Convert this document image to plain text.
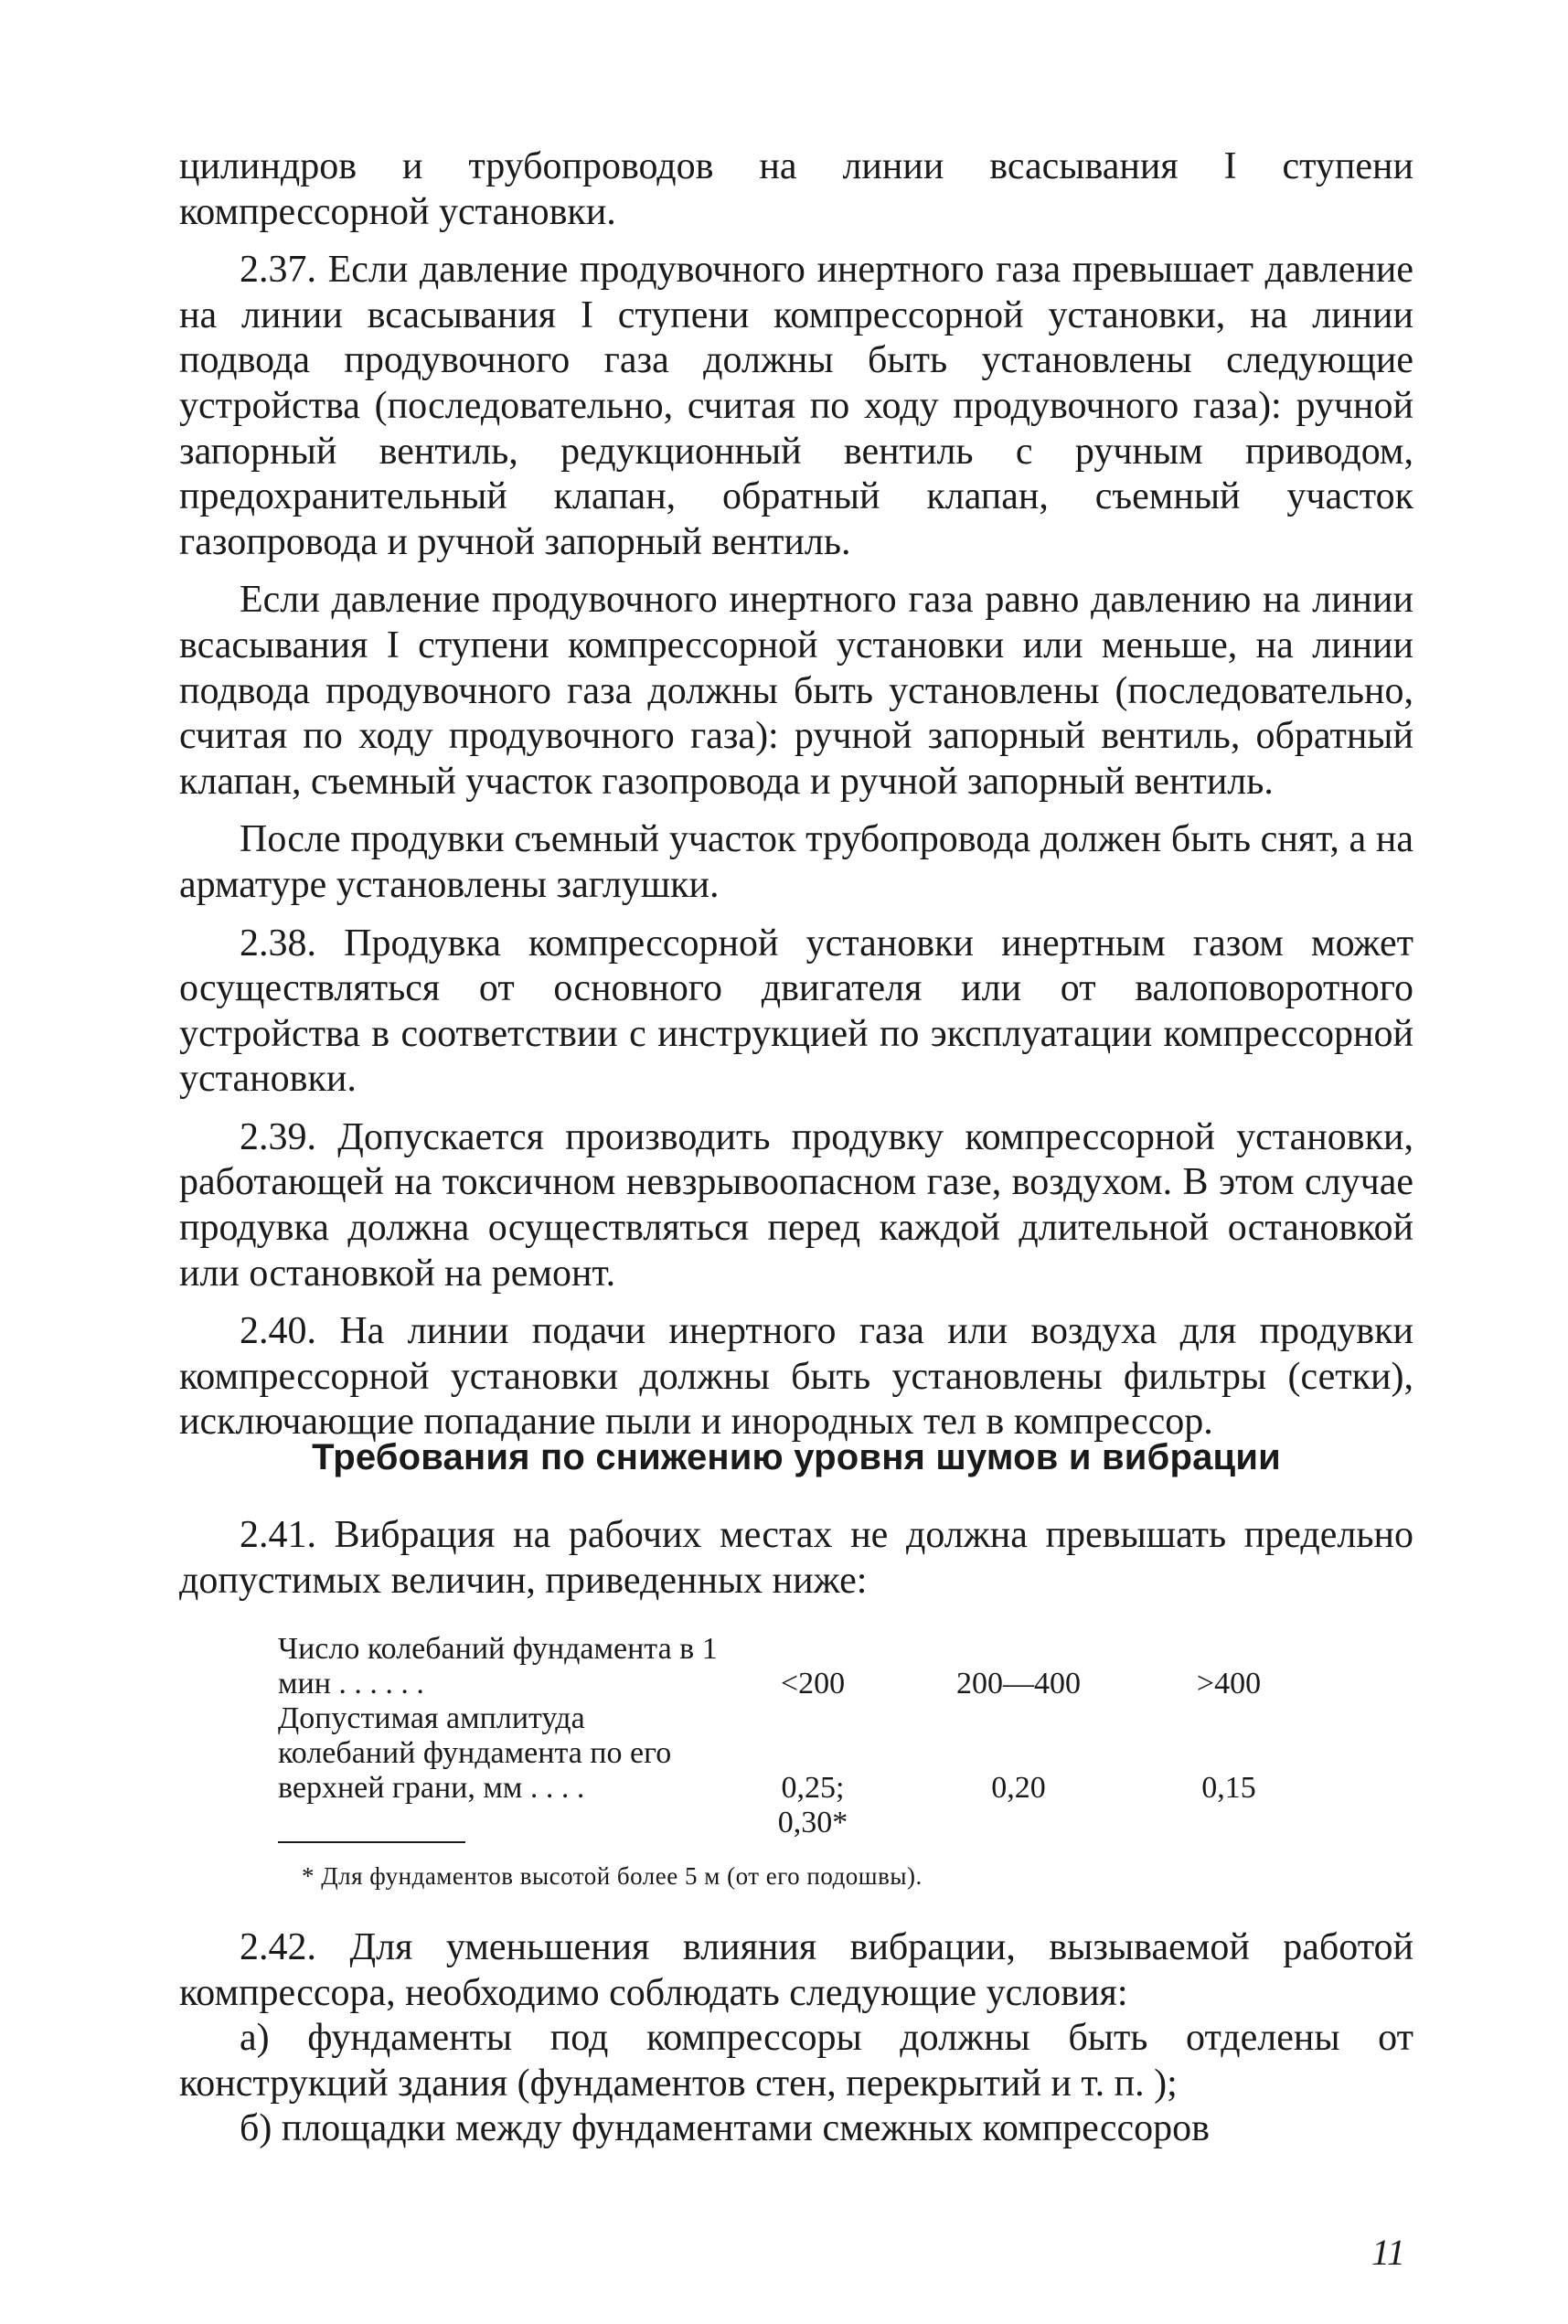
цилиндров и трубопроводов на линии всасывания I ступени компрессорной установки.

2.37. Если давление продувочного инертного газа превышает давление на линии всасывания I ступени компрессорной установки, на линии подвода продувочного газа должны быть установлены следующие устройства (последовательно, считая по ходу продувочного газа): ручной запорный вентиль, редукционный вентиль с ручным приводом, предохранительный клапан, обратный клапан, съемный участок газопровода и ручной запорный вентиль.

Если давление продувочного инертного газа равно давлению на линии всасывания I ступени компрессорной установки или меньше, на линии подвода продувочного газа должны быть установлены (последовательно, считая по ходу продувочного газа): ручной запорный вентиль, обратный клапан, съемный участок газопровода и ручной запорный вентиль.

После продувки съемный участок трубопровода должен быть снят, а на арматуре установлены заглушки.

2.38. Продувка компрессорной установки инертным газом может осуществляться от основного двигателя или от валоповоротного устройства в соответствии с инструкцией по эксплуатации компрессорной установки.

2.39. Допускается производить продувку компрессорной установки, работающей на токсичном невзрывоопасном газе, воздухом. В этом случае продувка должна осуществляться перед каждой длительной остановкой или остановкой на ремонт.

2.40. На линии подачи инертного газа или воздуха для продувки компрессорной установки должны быть установлены фильтры (сетки), исключающие попадание пыли и инородных тел в компрессор.

Требования по снижению уровня шумов и вибрации

2.41. Вибрация на рабочих местах не должна превышать предельно допустимых величин, приведенных ниже:

Число колебаний фундамента в 1 мин . . . . . .	<200	200—400	>400
Допустимая амплитуда колебаний фундамента по его верхней грани, мм . . . .	0,25;	0,20	0,15
0,30*
* Для фундаментов высотой более 5 м (от его подошвы).

2.42. Для уменьшения влияния вибрации, вызываемой работой компрессора, необходимо соблюдать следующие условия:

а) фундаменты под компрессоры должны быть отделены от конструкций здания (фундаментов стен, перекрытий и т. п. );

б) площадки между фундаментами смежных компрессоров

11
